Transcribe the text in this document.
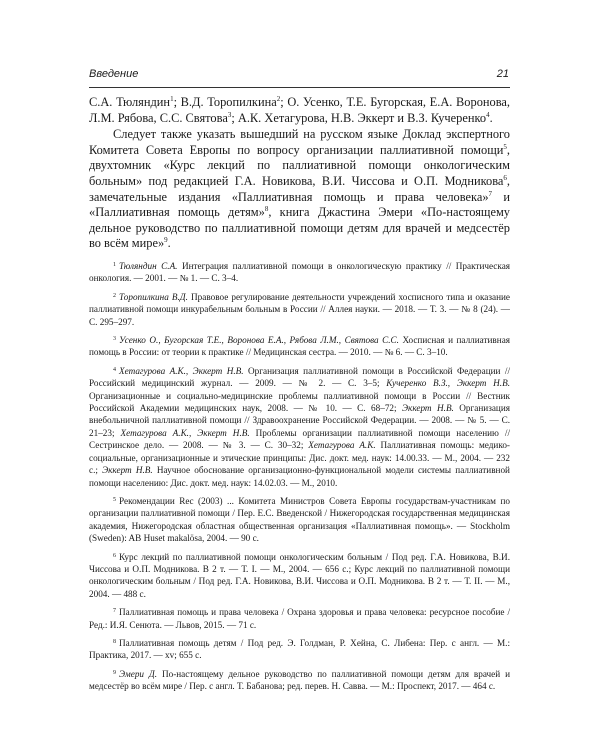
Введение	21

С.А. Тюляндин$^1$; В.Д. Торопилкина$^2$; О. Усенко, Т.Е. Бугорская, Е.А. Воронова, Л.М. Рябова, С.С. Святова$^3$; А.К. Хетагурова, Н.В. Эккерт и В.З. Кучеренко$^4$.

Следует также указать вышедший на русском языке Доклад экспертного Комитета Совета Европы по вопросу организации паллиативной помощи$^5$, двухтомник «Курс лекций по паллиативной помощи онкологическим больным» под редакцией Г.А. Новикова, В.И. Чиссова и О.П. Модникова$^6$, замечательные издания «Паллиативная помощь и права человека»$^7$ и «Паллиативная помощь детям»$^8$, книга Джастина Эмери «По-настоящему дельное руководство по паллиативной помощи детям для врачей и медсестёр во всём мире»$^9$.

$^1$ Тюляндин С.А. Интеграция паллиативной помощи в онкологическую практику // Практическая онкология. — 2001. — № 1. — С. 3–4.

$^2$ Торопилкина В.Д. Правовое регулирование деятельности учреждений хосписного типа и оказание паллиативной помощи инкурабельным больным в России // Аллея науки. — 2018. — Т. 3. — № 8 (24). — С. 295–297.

$^3$ Усенко О., Бугорская Т.Е., Воронова Е.А., Рябова Л.М., Святова С.С. Хосписная и паллиативная помощь в России: от теории к практике // Медицинская сестра. — 2010. — № 6. — С. 3–10.

$^4$ Хетагурова А.К., Эккерт Н.В. Организация паллиативной помощи в Российской Федерации // Российский медицинский журнал. — 2009. — № 2. — С. 3–5; Кучеренко В.З., Эккерт Н.В. Организационные и социально-медицинские проблемы паллиативной помощи в России // Вестник Российской Академии медицинских наук, 2008. — № 10. — С. 68–72; Эккерт Н.В. Организация внебольничной паллиативной помощи // Здравоохранение Российской Федерации. — 2008. — № 5. — С. 21–23; Хетагурова А.К., Эккерт Н.В. Проблемы организации паллиативной помощи населению // Сестринское дело. — 2008. — № 3. — С. 30–32; Хетагурова А.К. Паллиативная помощь: медико-социальные, организационные и этические принципы: Дис. докт. мед. наук: 14.00.33. — М., 2004. — 232 с.; Эккерт Н.В. Научное обоснование организационно-функциональной модели системы паллиативной помощи населению: Дис. докт. мед. наук: 14.02.03. — М., 2010.

$^5$ Рекомендации Rec (2003) ... Комитета Министров Совета Европы государствам-участникам по организации паллиативной помощи / Пер. Е.С. Введенской / Нижегородская государственная медицинская академия, Нижегородская областная общественная организация «Паллиативная помощь». — Stockholm (Sweden): AB Huset makalösa, 2004. — 90 с.

$^6$ Курс лекций по паллиативной помощи онкологическим больным / Под ред. Г.А. Новикова, В.И. Чиссова и О.П. Модникова. В 2 т. — Т. I. — М., 2004. — 656 с.; Курс лекций по паллиативной помощи онкологическим больным / Под ред. Г.А. Новикова, В.И. Чиссова и О.П. Модникова. В 2 т. — Т. II. — М., 2004. — 488 с.

$^7$ Паллиативная помощь и права человека / Охрана здоровья и права человека: ресурсное пособие / Ред.: И.Я. Сенюта. — Львов, 2015. — 71 с.

$^8$ Паллиативная помощь детям / Под ред. Э. Голдман, Р. Хейна, С. Либена: Пер. с англ. — М.: Практика, 2017. — xv; 655 с.

$^9$ Эмери Д. По-настоящему дельное руководство по паллиативной помощи детям для врачей и медсестёр во всём мире / Пер. с англ. Т. Бабанова; ред. перев. Н. Савва. — М.: Проспект, 2017. — 464 с.
